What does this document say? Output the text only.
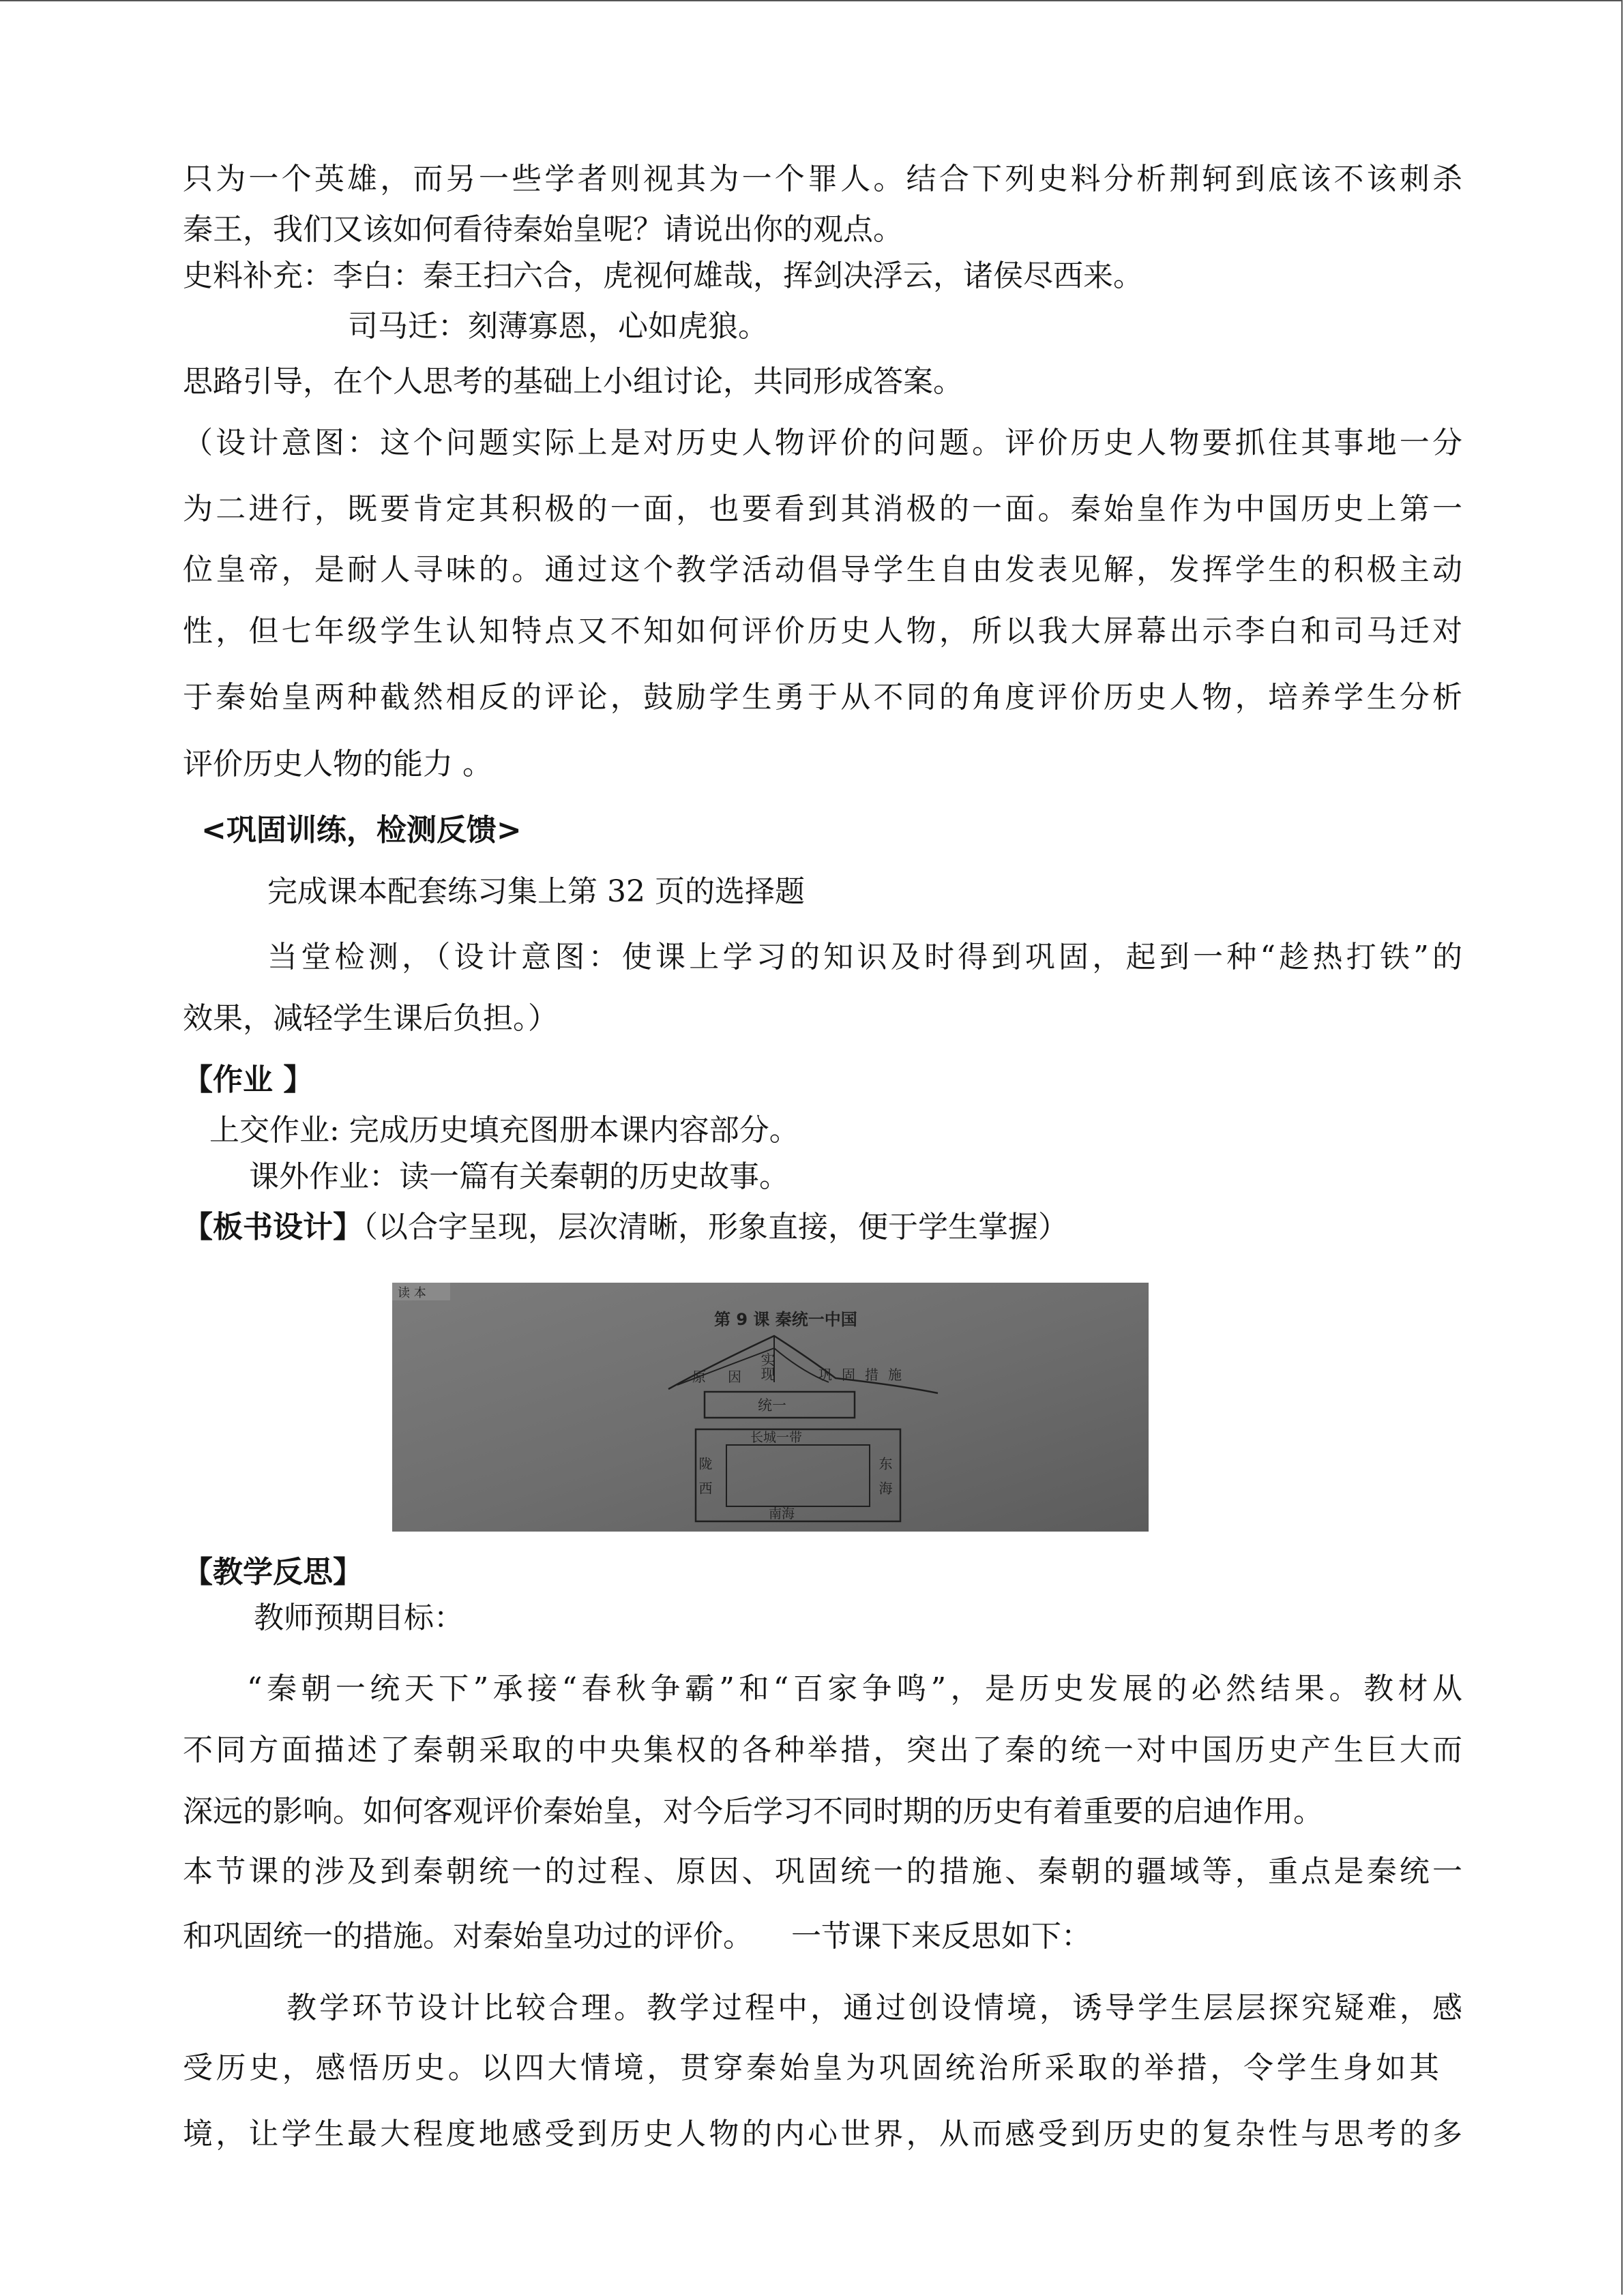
只为一个英雄，而另一些学者则视其为一个罪人。结合下列史料分析荆轲到底该不该刺杀
秦王，我们又该如何看待秦始皇呢？请说出你的观点。
史料补充：李白：秦王扫六合，虎视何雄哉，挥剑决浮云，诸侯尽西来。
司马迁：刻薄寡恩，心如虎狼。
思路引导，在个人思考的基础上小组讨论，共同形成答案。
（设计意图：这个问题实际上是对历史人物评价的问题。评价历史人物要抓住其事地一分
为二进行，既要肯定其积极的一面，也要看到其消极的一面。秦始皇作为中国历史上第一
位皇帝，是耐人寻味的。通过这个教学活动倡导学生自由发表见解，发挥学生的积极主动
性，但七年级学生认知特点又不知如何评价历史人物，所以我大屏幕出示李白和司马迁对
于秦始皇两种截然相反的评论，鼓励学生勇于从不同的角度评价历史人物，培养学生分析
评价历史人物的能力 。
<巩固训练，检测反馈>
完成课本配套练习集上第 32 页的选择题
当堂检测，（设计意图：使课上学习的知识及时得到巩固，起到一种“趁热打铁”的
效果，减轻学生课后负担。）
【作业 】
上交作业: 完成历史填充图册本课内容部分。
课外作业：读一篇有关秦朝的历史故事。
【板书设计】（以合字呈现，层次清晰，形象直接，便于学生掌握）
读 本
第 9 课 秦统一中国
实现
原因	巩固措施
统一
长城一带
陇西	东海
南海
【教学反思】
教师预期目标：
“秦朝一统天下”承接“春秋争霸”和“百家争鸣”，是历史发展的必然结果。教材从
不同方面描述了秦朝采取的中央集权的各种举措，突出了秦的统一对中国历史产生巨大而
深远的影响。如何客观评价秦始皇，对今后学习不同时期的历史有着重要的启迪作用。
本节课的涉及到秦朝统一的过程、原因、巩固统一的措施、秦朝的疆域等，重点是秦统一
和巩固统一的措施。对秦始皇功过的评价。    一节课下来反思如下：
教学环节设计比较合理。教学过程中，通过创设情境，诱导学生层层探究疑难，感
受历史，感悟历史。以四大情境，贯穿秦始皇为巩固统治所采取的举措，令学生身如其
境，让学生最大程度地感受到历史人物的内心世界，从而感受到历史的复杂性与思考的多
